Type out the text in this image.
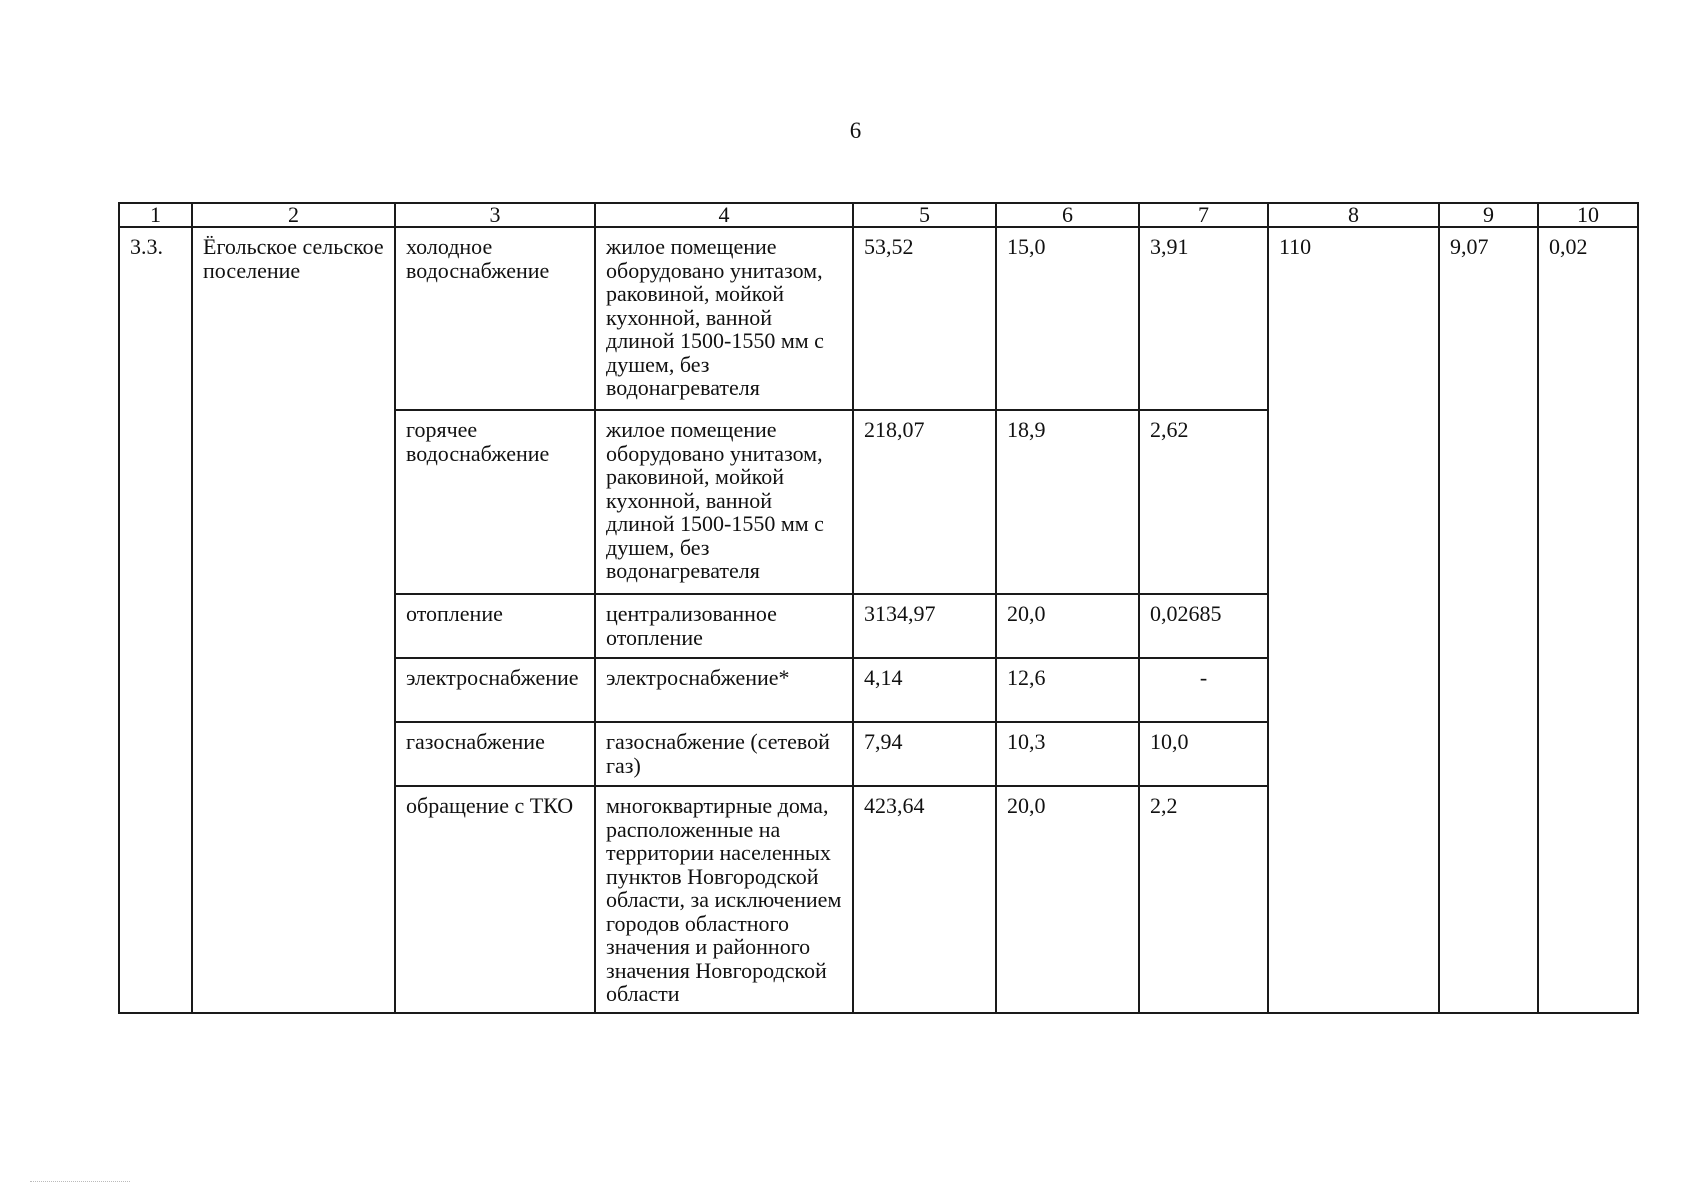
6
1	2	3	4	5	6	7	8	9	10
3.3.	Ёгольское сельское поселение	холодное водоснабжение	жилое помещение оборудовано унитазом, раковиной, мойкой кухонной, ванной длиной 1500-1550 мм с душем, без водонагревателя	53,52	15,0	3,91	110	9,07	0,02
		горячее водоснабжение	жилое помещение оборудовано унитазом, раковиной, мойкой кухонной, ванной длиной 1500-1550 мм с душем, без водонагревателя	218,07	18,9	2,62			
		отопление	централизованное отопление	3134,97	20,0	0,02685			
		электроснабжение	электроснабжение*	4,14	12,6	-			
		газоснабжение	газоснабжение (сетевой газ)	7,94	10,3	10,0			
		обращение с ТКО	многоквартирные дома, расположенные на территории населенных пунктов Новгородской области, за исключением городов областного значения и районного значения Новгородской области	423,64	20,0	2,2			
